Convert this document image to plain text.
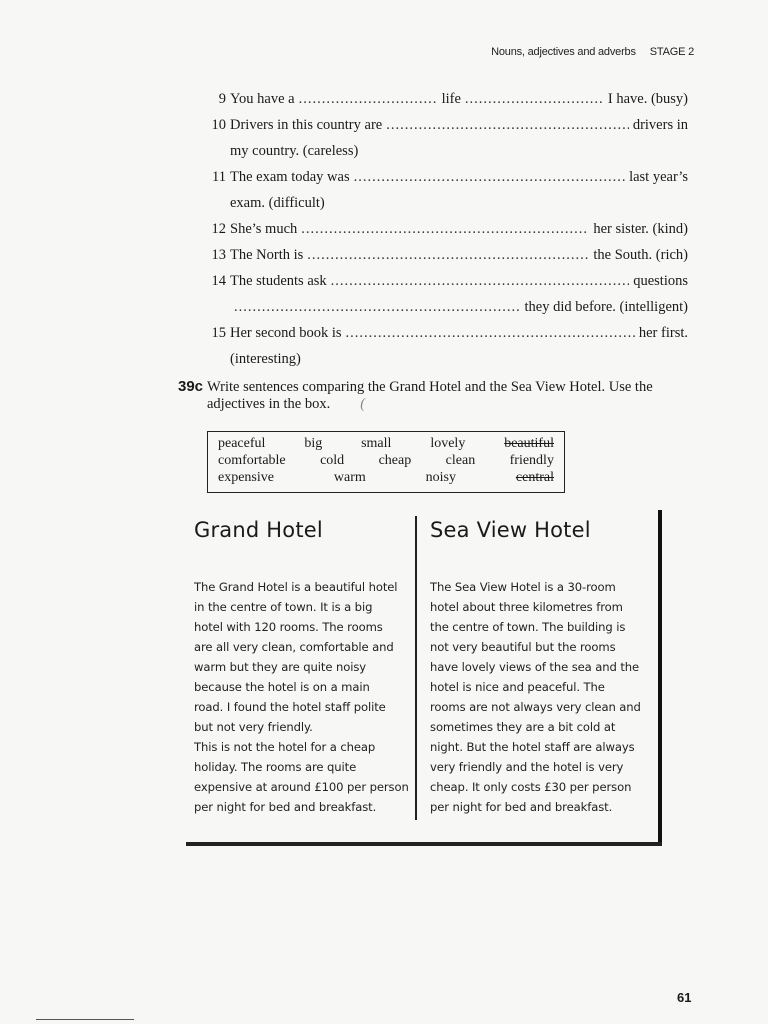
Nouns, adjectives and adverbs STAGE 2
9 You have a .....	life .....	I have. (busy)
10 Drivers in this country are .....	drivers in
my country. (careless)
11 The exam today was .....	last year’s
exam. (difficult)
12 She’s much .....	her sister. (kind)
13 The North is .....	the South. (rich)
14 The students ask .....	questions
.....
they did before. (intelligent)
15 Her second book is .....	her first.
(interesting)
39c Write sentences comparing the Grand Hotel and the Sea View Hotel. Use the
adjectives in the box. (
peaceful	big	small	lovely	beautiful
comfortable cold cheap clean friendly
expensive	warm	noisy	central
Grand Hotel

The Grand Hotel is a beautiful hotel
in the centre of town. It is a big
hotel with 120 rooms. The rooms
are all very clean, comfortable and
warm but they are quite noisy
because the hotel is on a main
road. I found the hotel staff polite
but not very friendly.
This is not the hotel for a cheap
holiday. The rooms are quite
expensive at around £100 per person
per night for bed and breakfast.

Sea View Hotel

The Sea View Hotel is a 30-room
hotel about three kilometres from
the centre of town. The building is
not very beautiful but the rooms
have lovely views of the sea and the
hotel is nice and peaceful. The
rooms are not always very clean and
sometimes they are a bit cold at
night. But the hotel staff are always
very friendly and the hotel is very
cheap. It only costs £30 per person
per night for bed and breakfast.

61
